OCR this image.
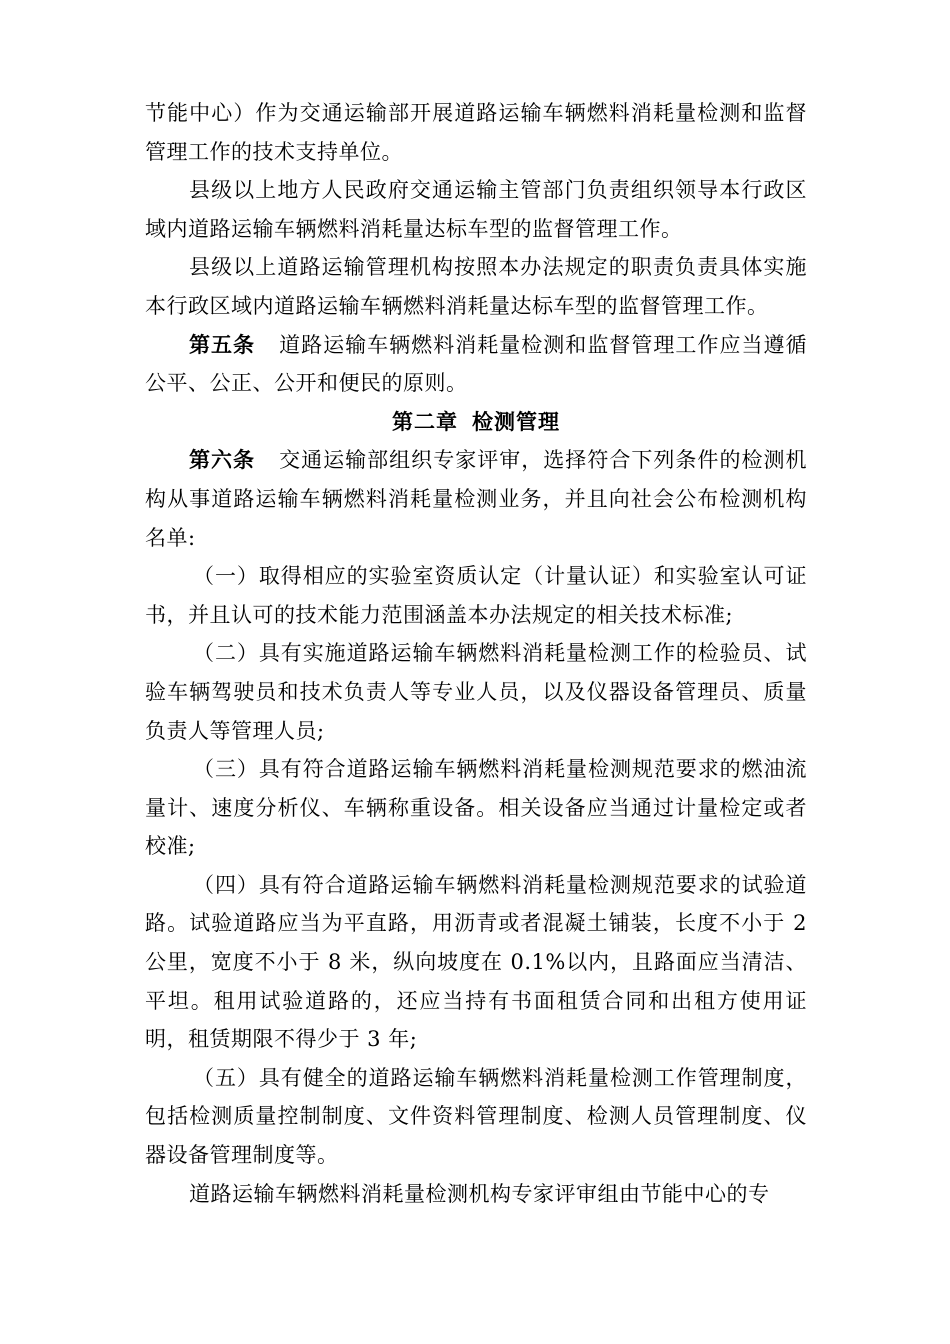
节能中心）作为交通运输部开展道路运输车辆燃料消耗量检测和监督管理工作的技术支持单位。

县级以上地方人民政府交通运输主管部门负责组织领导本行政区域内道路运输车辆燃料消耗量达标车型的监督管理工作。

县级以上道路运输管理机构按照本办法规定的职责负责具体实施本行政区域内道路运输车辆燃料消耗量达标车型的监督管理工作。

第五条 道路运输车辆燃料消耗量检测和监督管理工作应当遵循公平、公正、公开和便民的原则。

第二章 检测管理

第六条 交通运输部组织专家评审，选择符合下列条件的检测机构从事道路运输车辆燃料消耗量检测业务，并且向社会公布检测机构名单:

（一）取得相应的实验室资质认定（计量认证）和实验室认可证书，并且认可的技术能力范围涵盖本办法规定的相关技术标准;

（二）具有实施道路运输车辆燃料消耗量检测工作的检验员、试验车辆驾驶员和技术负责人等专业人员，以及仪器设备管理员、质量负责人等管理人员;

（三）具有符合道路运输车辆燃料消耗量检测规范要求的燃油流量计、速度分析仪、车辆称重设备。相关设备应当通过计量检定或者校准;

（四）具有符合道路运输车辆燃料消耗量检测规范要求的试验道路。试验道路应当为平直路，用沥青或者混凝土铺装，长度不小于 2 公里，宽度不小于 8 米，纵向坡度在 0.1%以内，且路面应当清洁、平坦。租用试验道路的，还应当持有书面租赁合同和出租方使用证明，租赁期限不得少于 3 年;

（五）具有健全的道路运输车辆燃料消耗量检测工作管理制度，包括检测质量控制制度、文件资料管理制度、检测人员管理制度、仪器设备管理制度等。

道路运输车辆燃料消耗量检测机构专家评审组由节能中心的专
